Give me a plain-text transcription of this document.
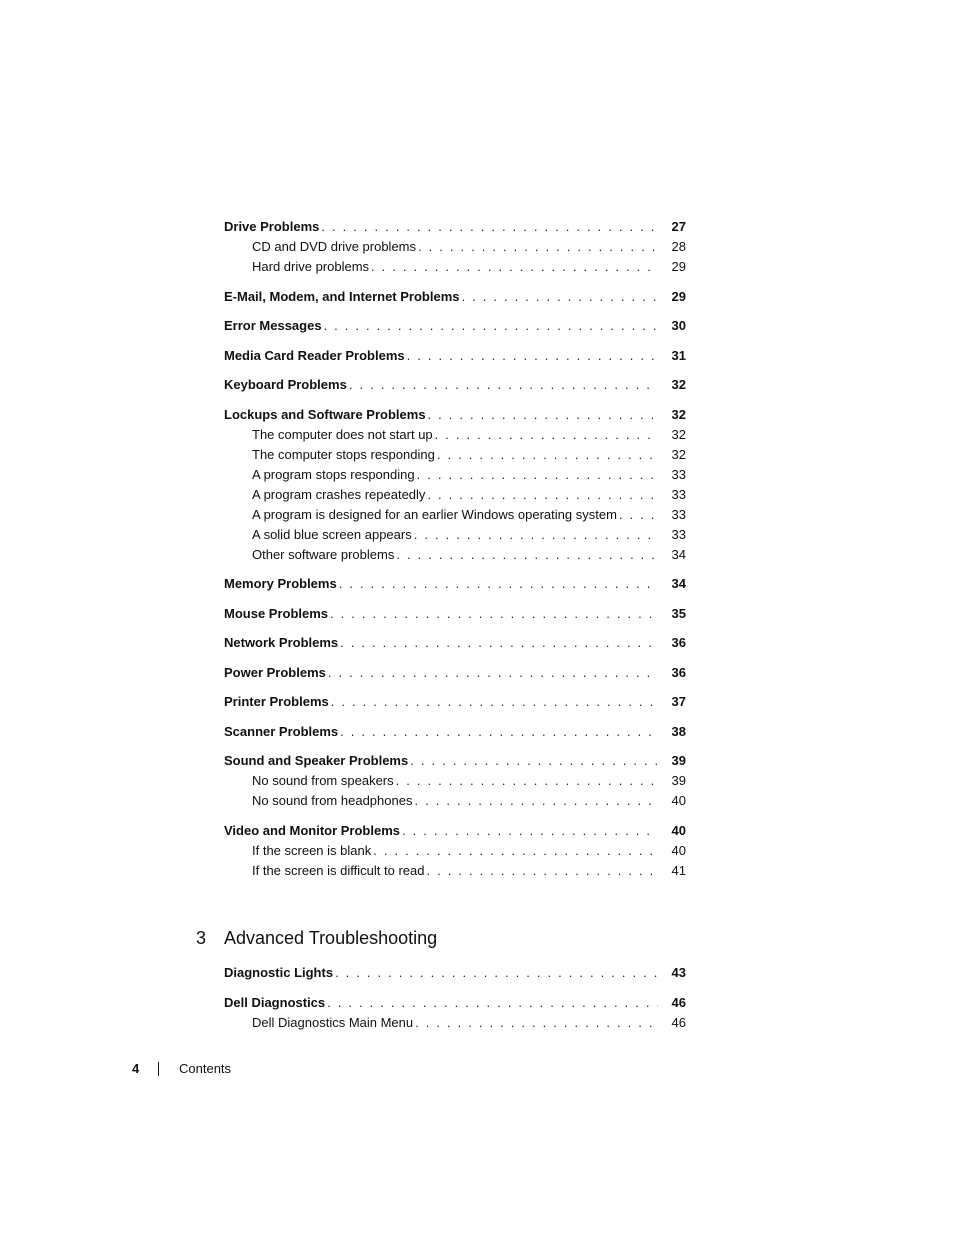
Drive Problems . . .	27
CD and DVD drive problems . . .	28
Hard drive problems . . .	29
E-Mail, Modem, and Internet Problems . . .	29
Error Messages . . .	30
Media Card Reader Problems . . .	31
Keyboard Problems . . .	32
Lockups and Software Problems . . .	32
The computer does not start up . . .	32
The computer stops responding . . .	32
A program stops responding . . .	33
A program crashes repeatedly . . .	33
A program is designed for an earlier Windows operating system . . .	33
A solid blue screen appears . . .	33
Other software problems . . .	34
Memory Problems . . .	34
Mouse Problems . . .	35
Network Problems . . .	36
Power Problems . . .	36
Printer Problems . . .	37
Scanner Problems . . .	38
Sound and Speaker Problems . . .	39
No sound from speakers . . .	39
No sound from headphones . . .	40
Video and Monitor Problems . . .	40
If the screen is blank . . .	40
If the screen is difficult to read . . .	41
3 Advanced Troubleshooting
Diagnostic Lights . . .	43
Dell Diagnostics . . .	46
Dell Diagnostics Main Menu . . .	46
4	Contents
